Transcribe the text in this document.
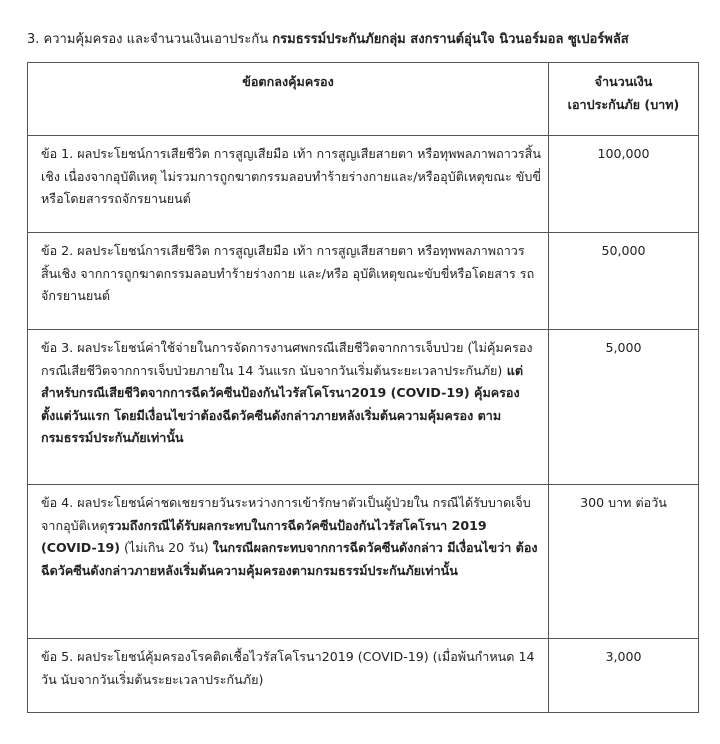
3. ความคุ้มครอง และจำนวนเงินเอาประกัน กรมธรรม์ประกันภัยกลุ่ม สงกรานต์อุ่นใจ นิวนอร์มอล ซูเปอร์พลัส
ข้อตกลงคุ้มครอง	จำนวนเงิน
เอาประกันภัย (บาท)

ข้อ 1. ผลประโยชน์การเสียชีวิต การสูญเสียมือ เท้า การสูญเสียสายตา หรือทุพพลภาพถาวรสิ้นเชิง เนื่องจากอุบัติเหตุ ไม่รวมการถูกฆาตกรรมลอบทำร้ายร่างกายและ/หรืออุบัติเหตุขณะ ขับขี่หรือโดยสารรถจักรยานยนต์	100,000
ข้อ 2. ผลประโยชน์การเสียชีวิต การสูญเสียมือ เท้า การสูญเสียสายตา หรือทุพพลภาพถาวร สิ้นเชิง จากการถูกฆาตกรรมลอบทำร้ายร่างกาย และ/หรือ อุบัติเหตุขณะขับขี่หรือโดยสาร รถจักรยานยนต์	50,000
ข้อ 3. ผลประโยชน์ค่าใช้จ่ายในการจัดการงานศพกรณีเสียชีวิตจากการเจ็บป่วย (ไม่คุ้มครองกรณีเสียชีวิตจากการเจ็บป่วยภายใน 14 วันแรก นับจากวันเริ่มต้นระยะเวลาประกันภัย) แต่สำหรับกรณีเสียชีวิตจากการฉีดวัคซีนป้องกันไวรัสโคโรนา2019 (COVID-19) คุ้มครองตั้งแต่วันแรก โดยมีเงื่อนไขว่าต้องฉีดวัคซีนดังกล่าวภายหลังเริ่มต้นความคุ้มครอง ตามกรมธรรม์ประกันภัยเท่านั้น	5,000
ข้อ 4. ผลประโยชน์ค่าชดเชยรายวันระหว่างการเข้ารักษาตัวเป็นผู้ป่วยใน กรณีได้รับบาดเจ็บ จากอุบัติเหตุรวมถึงกรณีได้รับผลกระทบในการฉีดวัคซีนป้องกันไวรัสโคโรนา 2019 (COVID-19) (ไม่เกิน 20 วัน) ในกรณีผลกระทบจากการฉีดวัคซีนดังกล่าว มีเงื่อนไขว่า ต้องฉีดวัคซีนดังกล่าวภายหลังเริ่มต้นความคุ้มครองตามกรมธรรม์ประกันภัยเท่านั้น	300 บาท ต่อวัน
ข้อ 5. ผลประโยชน์คุ้มครองโรคติดเชื้อไวรัสโคโรนา2019 (COVID-19) (เมื่อพ้นกำหนด 14 วัน นับจากวันเริ่มต้นระยะเวลาประกันภัย)	3,000
